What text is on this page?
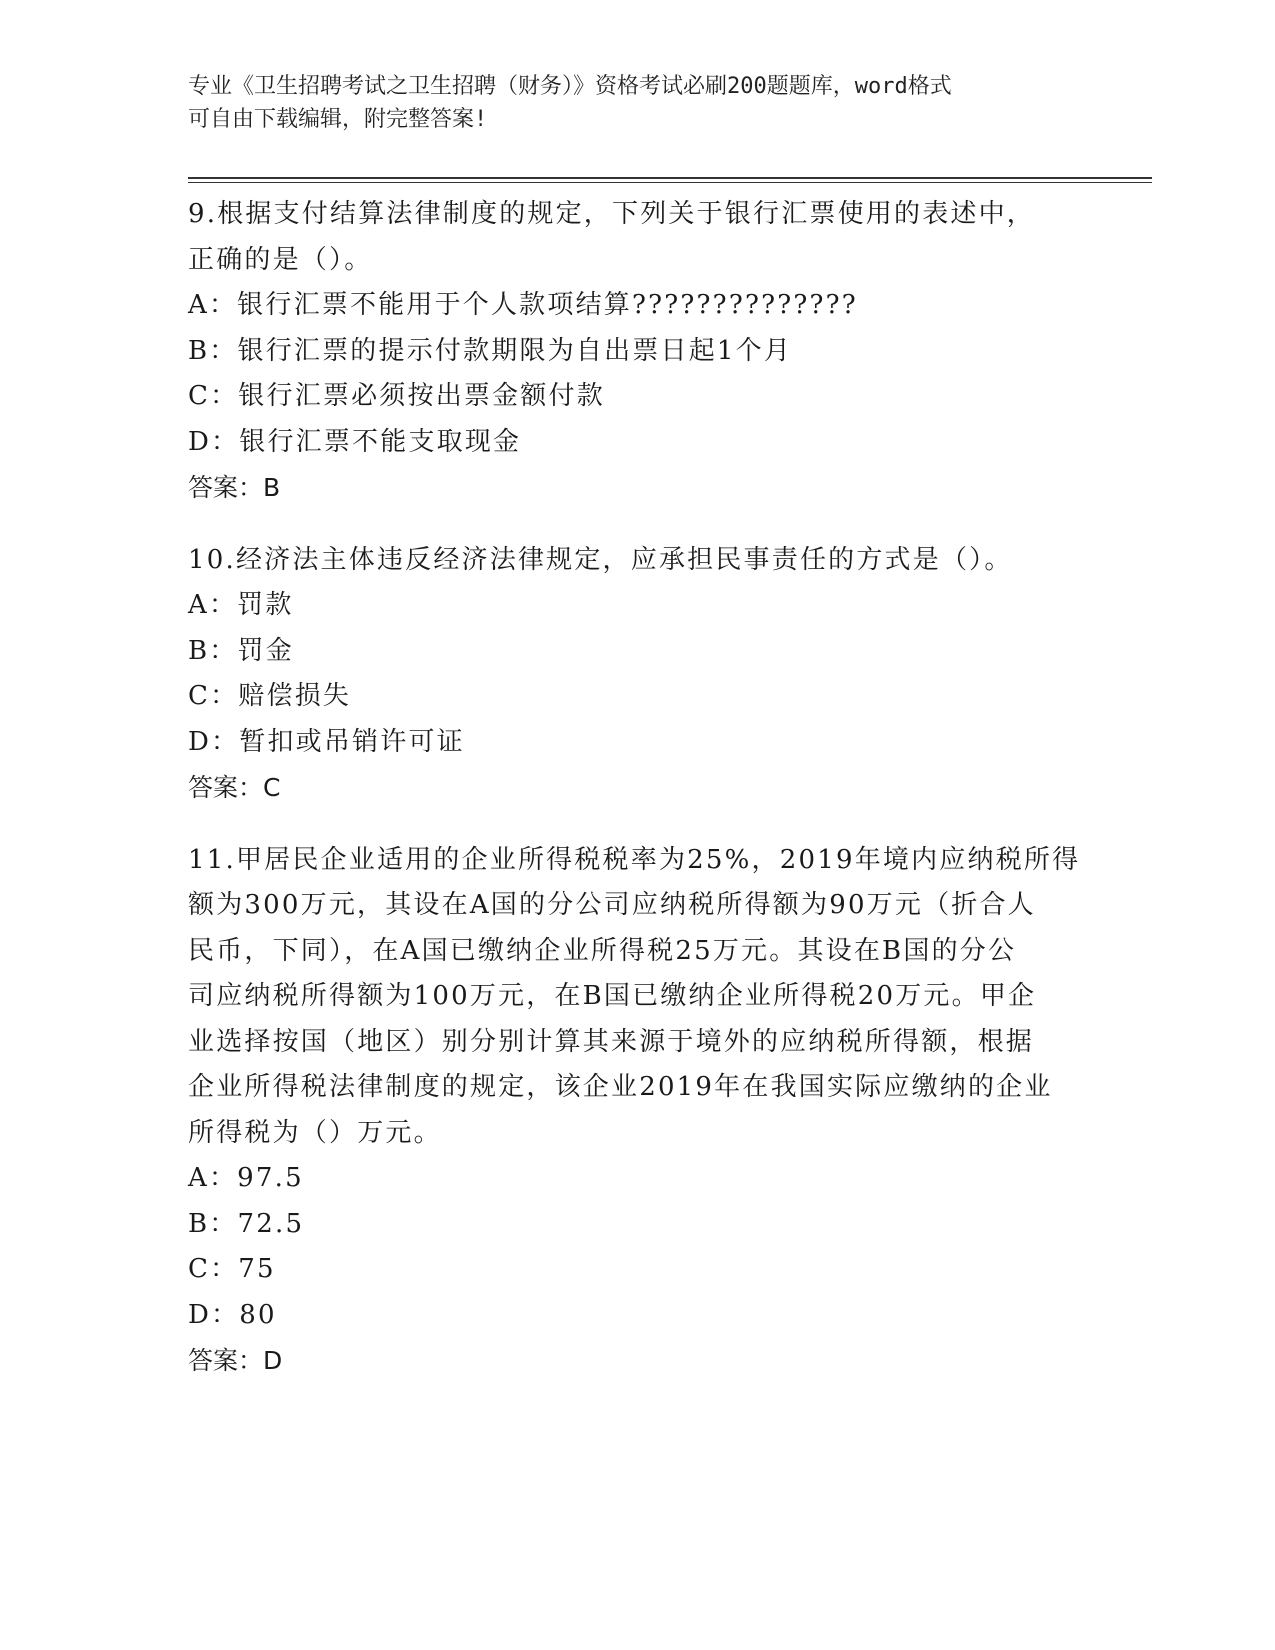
专业《卫生招聘考试之卫生招聘（财务）》资格考试必刷200题题库，word格式
可自由下载编辑，附完整答案!
9.根据支付结算法律制度的规定，下列关于银行汇票使用的表述中，
正确的是（）。
A：银行汇票不能用于个人款项结算??????????????
B：银行汇票的提示付款期限为自出票日起1个月
C：银行汇票必须按出票金额付款
D：银行汇票不能支取现金
答案：B
10.经济法主体违反经济法律规定，应承担民事责任的方式是（）。
A：罚款
B：罚金
C：赔偿损失
D：暂扣或吊销许可证
答案：C
11.甲居民企业适用的企业所得税税率为25%，2019年境内应纳税所得
额为300万元，其设在A国的分公司应纳税所得额为90万元（折合人
民币，下同），在A国已缴纳企业所得税25万元。其设在B国的分公
司应纳税所得额为100万元，在B国已缴纳企业所得税20万元。甲企
业选择按国（地区）别分别计算其来源于境外的应纳税所得额，根据
企业所得税法律制度的规定，该企业2019年在我国实际应缴纳的企业
所得税为（）万元。
A：97.5
B：72.5
C：75
D：80
答案：D
